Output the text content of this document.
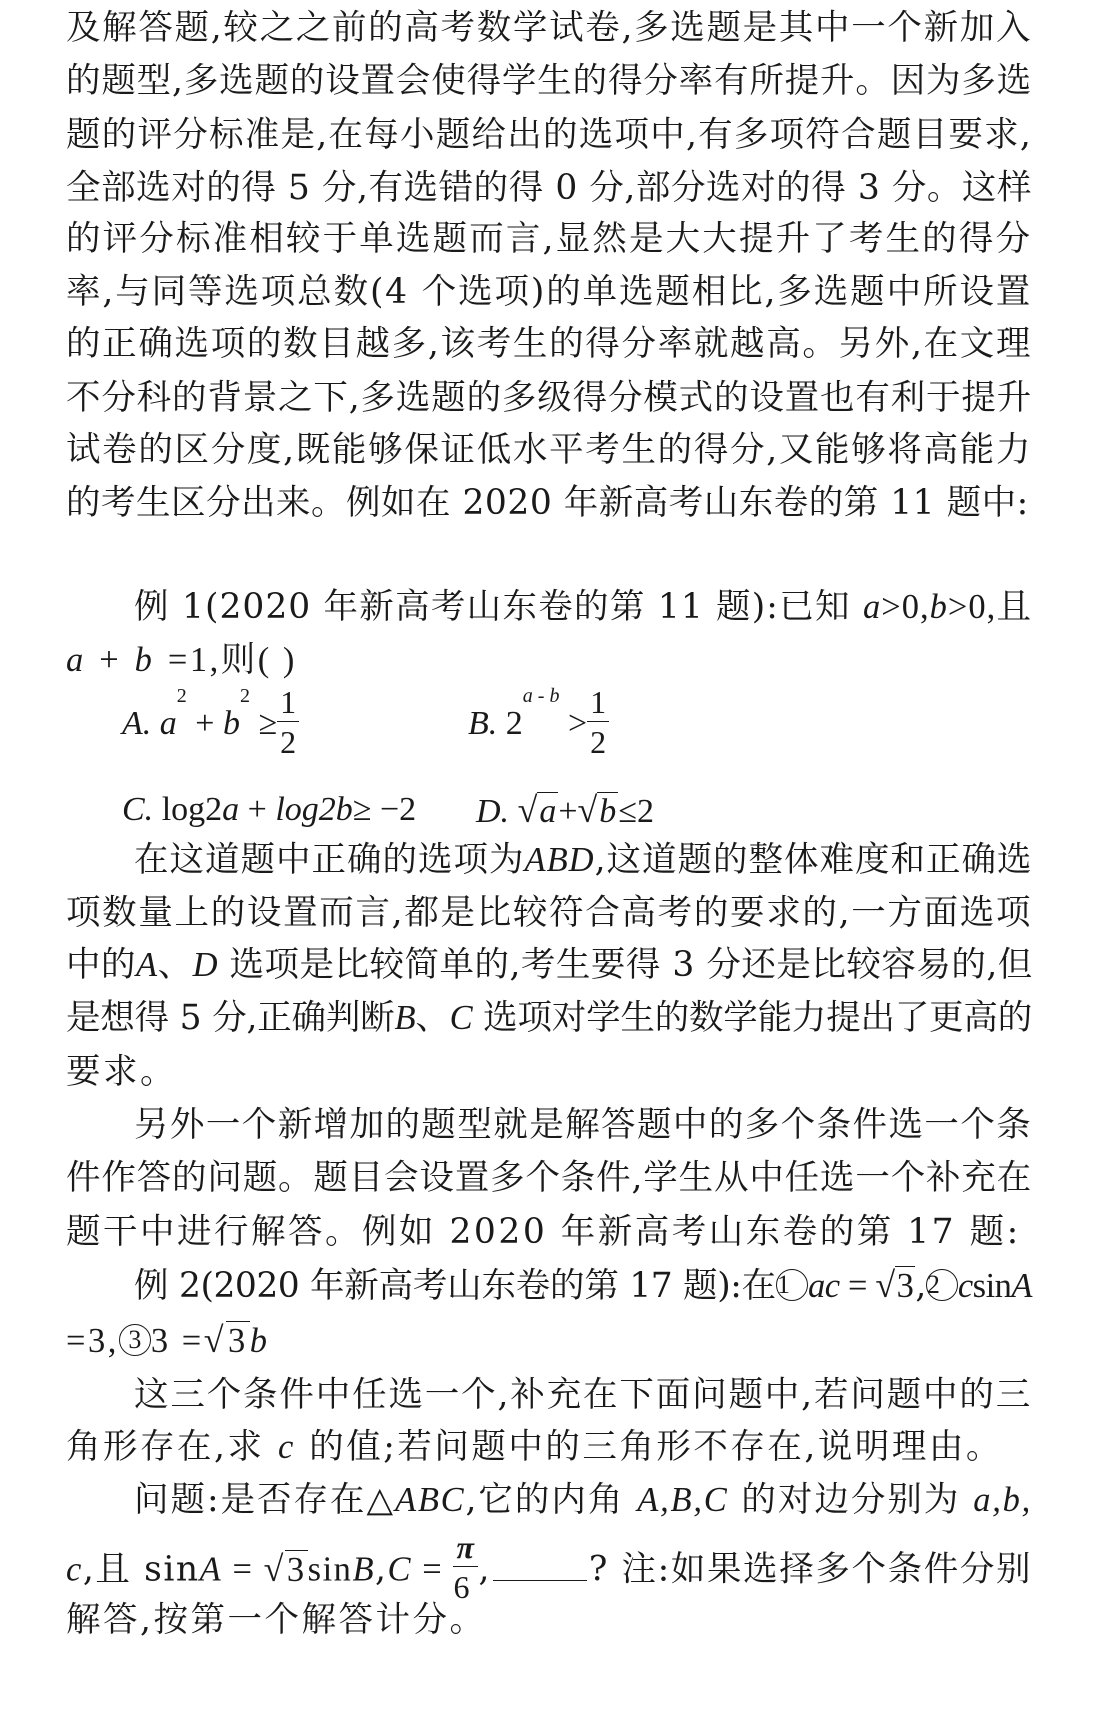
及解答题,较之之前的高考数学试卷,多选题是其中一个新加入
的题型,多选题的设置会使得学生的得分率有所提升。因为多选
题的评分标准是,在每小题给出的选项中,有多项符合题目要求,
全部选对的得 5 分,有选错的得 0 分,部分选对的得 3 分。这样
的评分标准相较于单选题而言,显然是大大提升了考生的得分
率,与同等选项总数(4 个选项)的单选题相比,多选题中所设置
的正确选项的数目越多,该考生的得分率就越高。另外,在文理
不分科的背景之下,多选题的多级得分模式的设置也有利于提升
试卷的区分度,既能够保证低水平考生的得分,又能够将高能力
的考生区分出来。例如在 2020 年新高考山东卷的第 11 题中:
例 1(2020 年新高考山东卷的第 11 题):已知 a>0,b>0,且
a + b =1,则( )
A. $a^2 + b^2 \ge \frac{1}{2}$	B. $2^{a - b} > \frac{1}{2}$
C. log2a + log2b≥ −2 D. √a+√b≤2
在这道题中正确的选项为ABD,这道题的整体难度和正确选
项数量上的设置而言,都是比较符合高考的要求的,一方面选项
中的A、D 选项是比较简单的,考生要得 3 分还是比较容易的,但
是想得 5 分,正确判断B、C 选项对学生的数学能力提出了更高的
要求。
另外一个新增加的题型就是解答题中的多个条件选一个条
件作答的问题。题目会设置多个条件,学生从中任选一个补充在
题干中进行解答。例如 2020 年新高考山东卷的第 17 题:
例 2(2020 年新高考山东卷的第 17 题):在1 ac = √3,2 csinA
=3, 3 3 =√3b
这三个条件中任选一个,补充在下面问题中,若问题中的三
角形存在,求 c 的值;若问题中的三角形不存在,说明理由。
问题:是否存在△ABC,它的内角 A,B,C 的对边分别为 a,b,
c,且 $\sin A = √3\sin B,C = \frac{\pi}{6}$ ,	? 注:如果选择多个条件分别
解答,按第一个解答计分。
